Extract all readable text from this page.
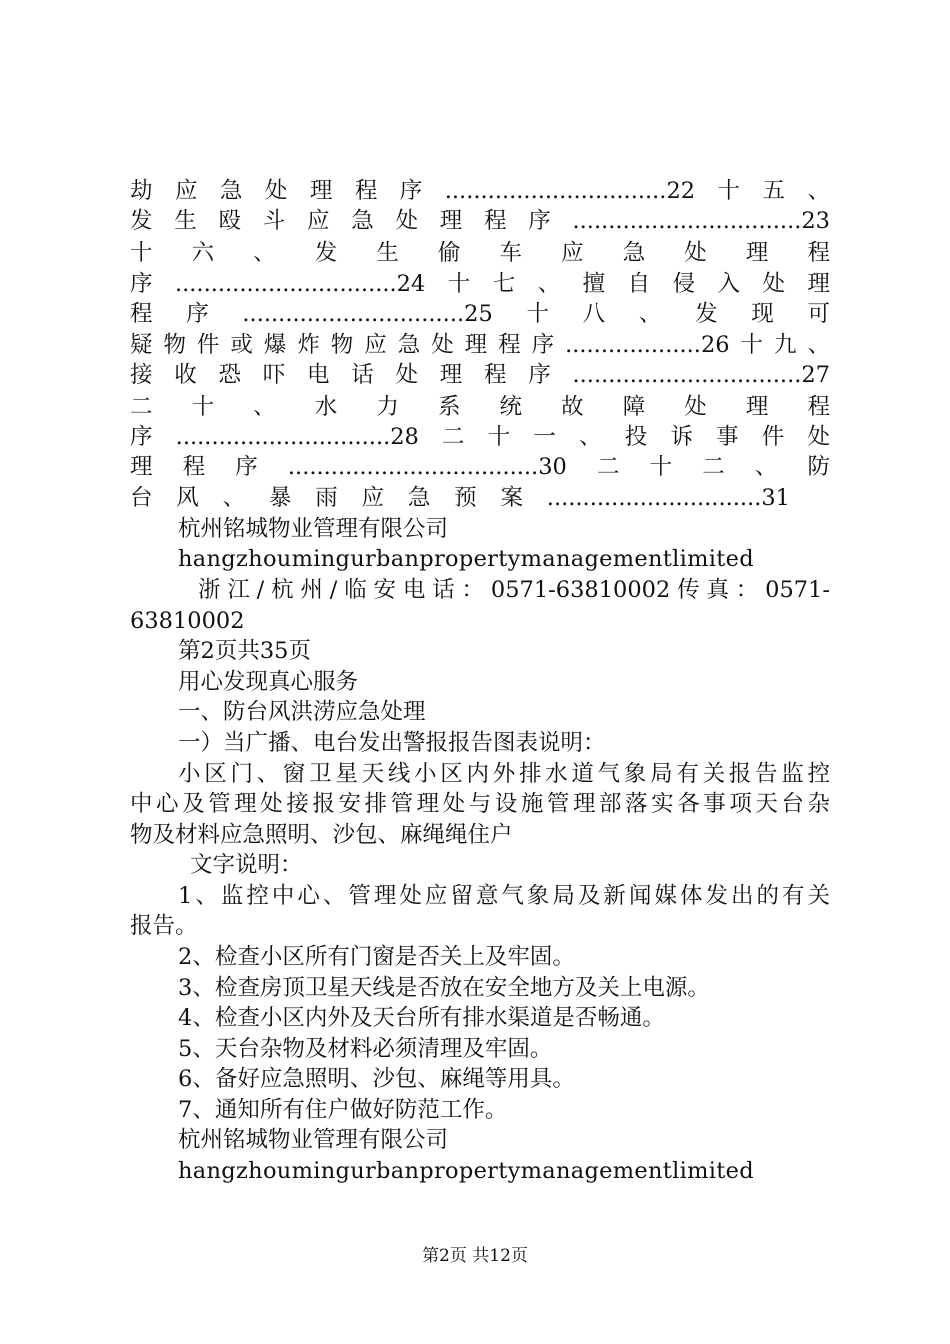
劫应急处理程序...............................22十五、
发生殴斗应急处理程序................................23
十 六 、 发 生 偷 车 应 急 处 理 程
序...............................24十七、擅自侵入处理
程序...............................25十八、发现可
疑物件或爆炸物应急处理程序...................26十九、
接收恐吓电话处理程序................................27
二 十 、 水 力 系 统 故 障 处 理 程
序..............................28二十一、投诉事件处
理程序...................................30二十二、防
台风、暴雨应急预案..............................31
杭州铭城物业管理有限公司
hangzhoumingurbanpropertymanagementlimited
浙江/杭州/临安电话：0571-63810002传真：0571-
63810002
第2页共35页
用心发现真心服务
一、防台风洪涝应急处理
一）当广播、电台发出警报报告图表说明：
小区门、窗卫星天线小区内外排水道气象局有关报告监控
中心及管理处接报安排管理处与设施管理部落实各事项天台杂
物及材料应急照明、沙包、麻绳绳住户
文字说明：
1、监控中心、管理处应留意气象局及新闻媒体发出的有关
报告。
2、检查小区所有门窗是否关上及牢固。
3、检查房顶卫星天线是否放在安全地方及关上电源。
4、检查小区内外及天台所有排水渠道是否畅通。
5、天台杂物及材料必须清理及牢固。
6、备好应急照明、沙包、麻绳等用具。
7、通知所有住户做好防范工作。
杭州铭城物业管理有限公司
hangzhoumingurbanpropertymanagementlimited
第2页 共12页
